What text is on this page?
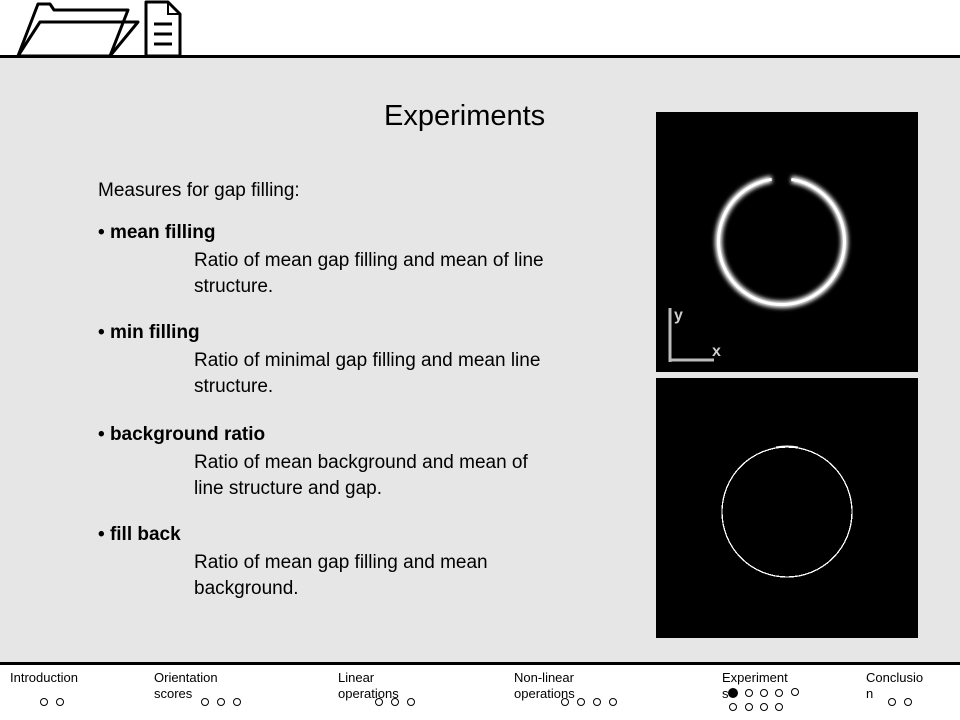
Experiments
Measures for gap filling:
• mean filling
Ratio of mean gap filling and mean of line structure.
• min filling
Ratio of minimal gap filling and mean line structure.
• background ratio
Ratio of mean background and mean of line structure and gap.
• fill back
Ratio of mean gap filling and mean background.
y
x
Introduction	Orientation
scores
Linear
operations
Non-linear
operations
Experiment
s
Conclusio
n
